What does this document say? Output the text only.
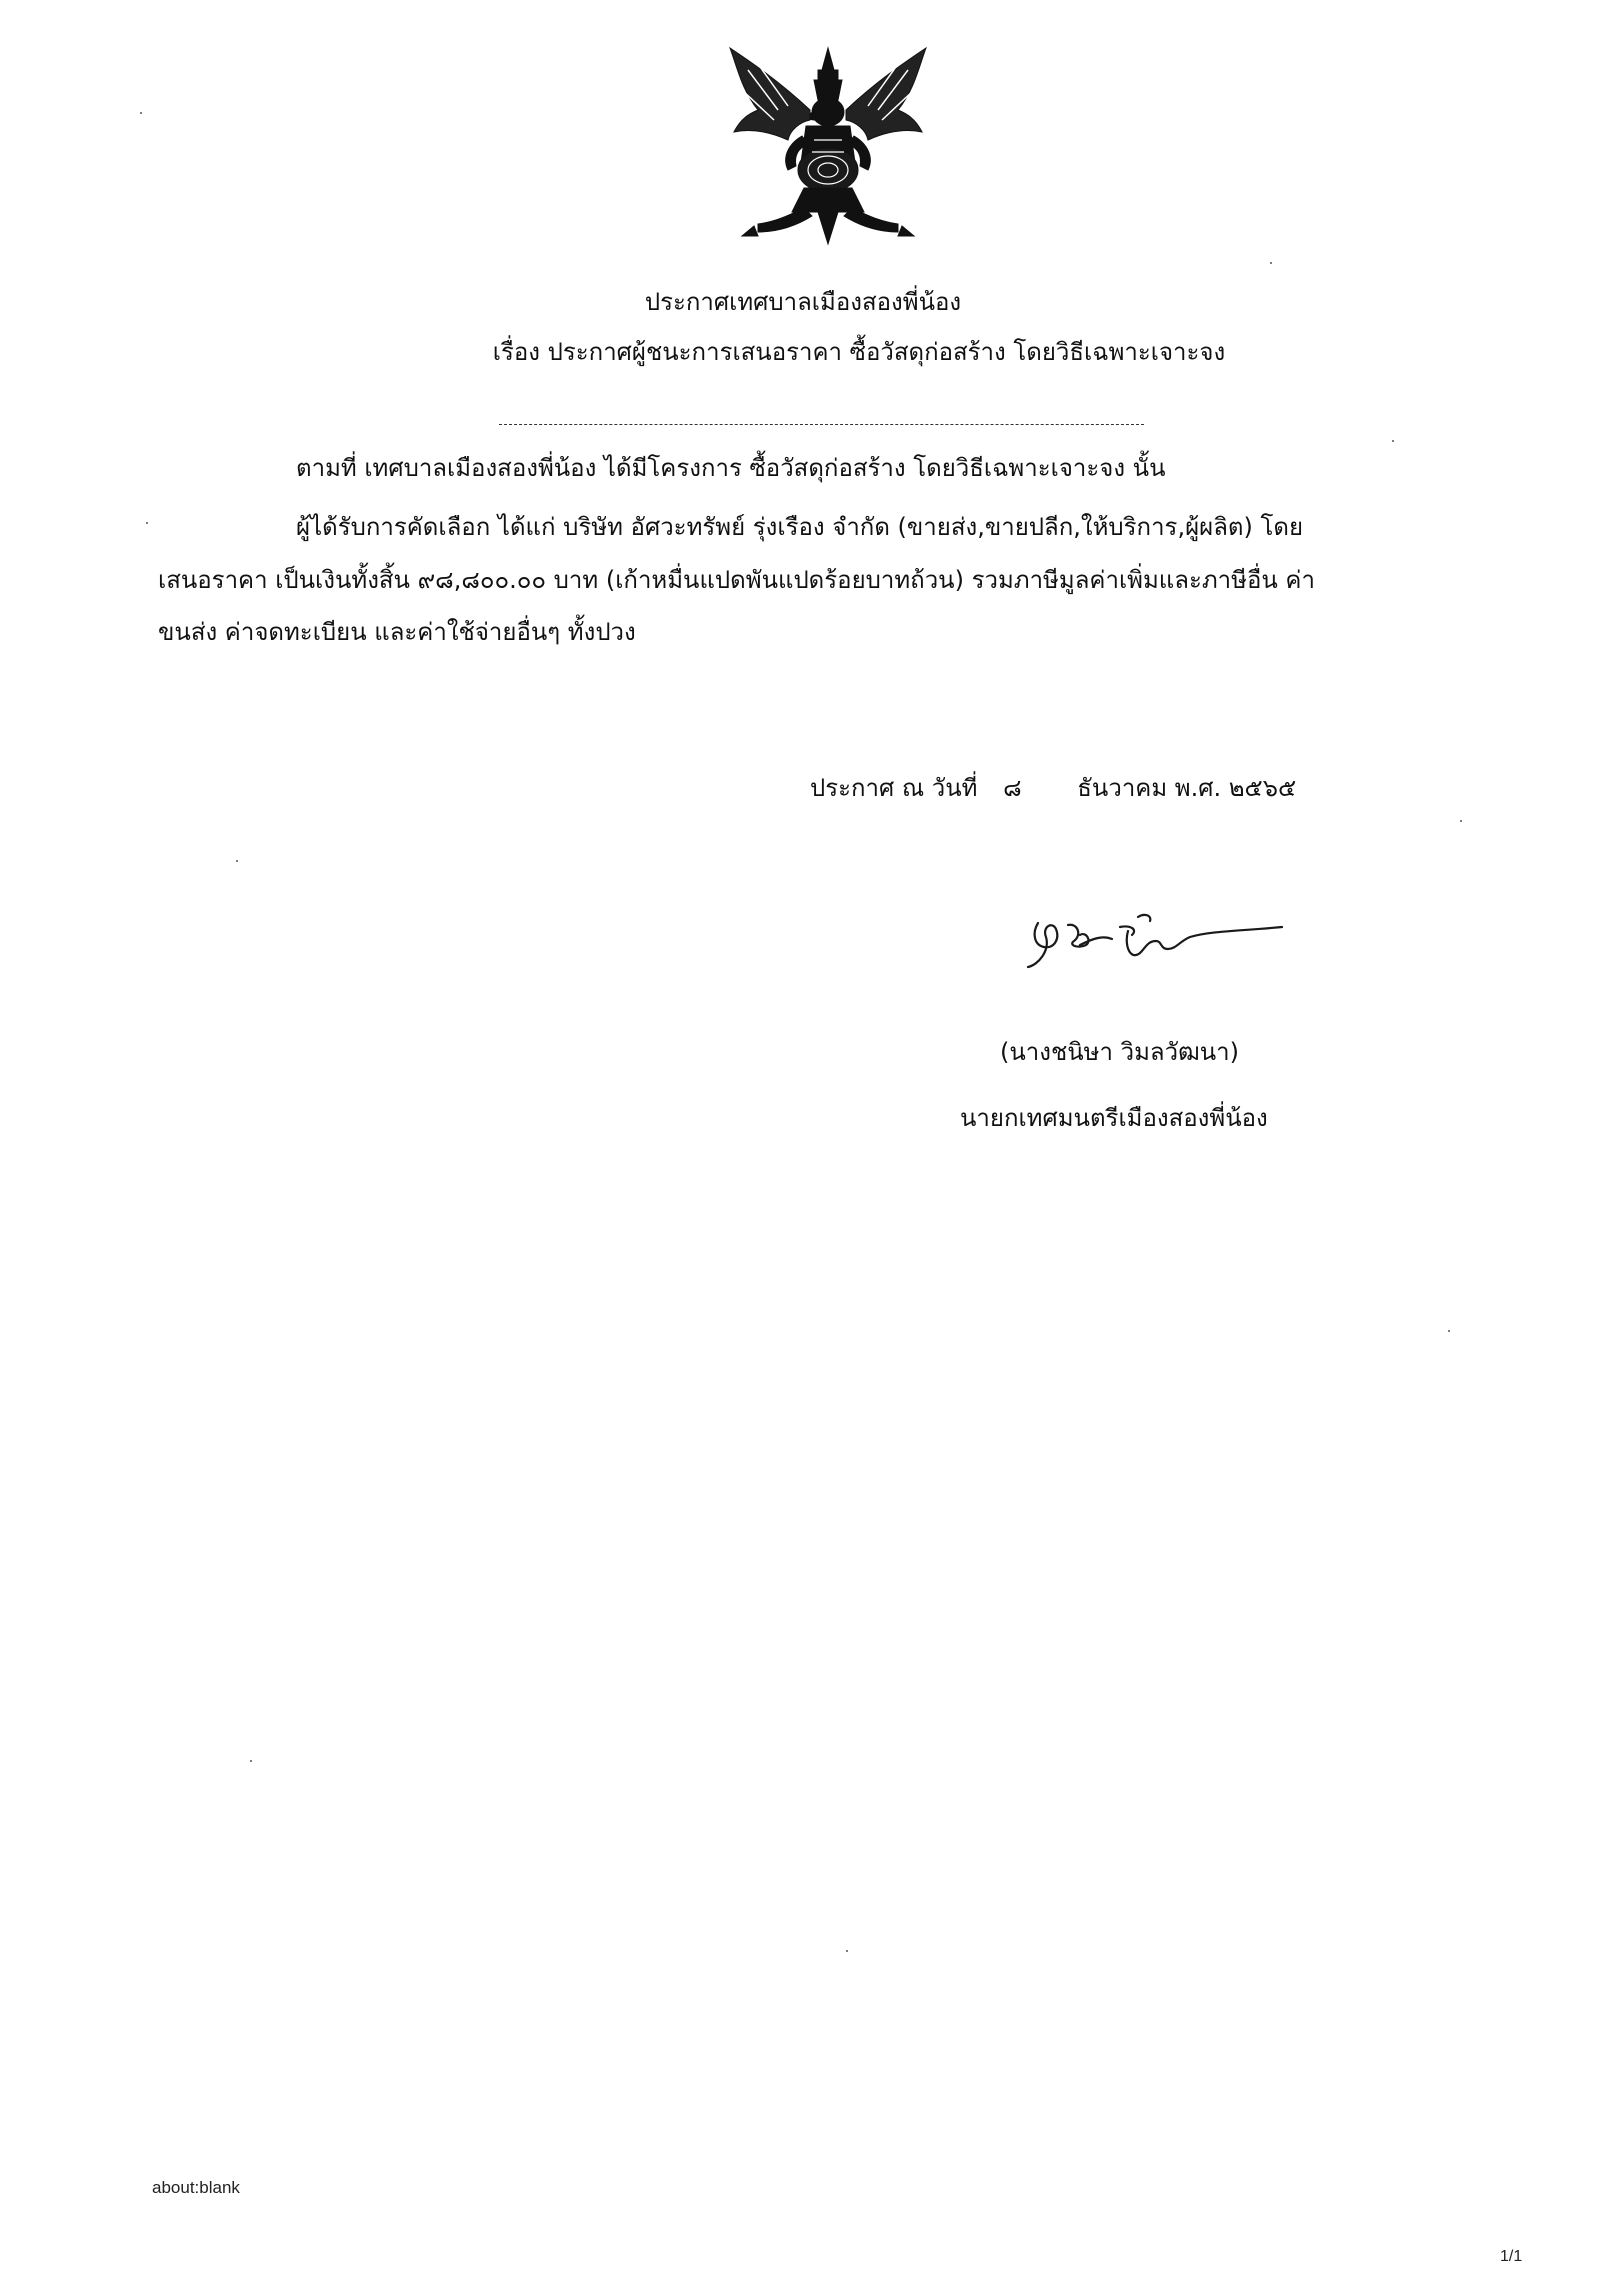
ประกาศเทศบาลเมืองสองพี่น้อง
เรื่อง ประกาศผู้ชนะการเสนอราคา ซื้อวัสดุก่อสร้าง โดยวิธีเฉพาะเจาะจง
ตามที่ เทศบาลเมืองสองพี่น้อง ได้มีโครงการ ซื้อวัสดุก่อสร้าง โดยวิธีเฉพาะเจาะจง นั้น
ผู้ได้รับการคัดเลือก ได้แก่ บริษัท อัศวะทรัพย์ รุ่งเรือง จำกัด (ขายส่ง,ขายปลีก,ให้บริการ,ผู้ผลิต) โดย
เสนอราคา เป็นเงินทั้งสิ้น ๙๘,๘๐๐.๐๐ บาท (เก้าหมื่นแปดพันแปดร้อยบาทถ้วน) รวมภาษีมูลค่าเพิ่มและภาษีอื่น ค่า
ขนส่ง ค่าจดทะเบียน และค่าใช้จ่ายอื่นๆ ทั้งปวง
ประกาศ ณ วันที่ ๘ ธันวาคม พ.ศ. ๒๕๖๕
(นางชนิษา วิมลวัฒนา)
นายกเทศมนตรีเมืองสองพี่น้อง
about:blank
1/1
